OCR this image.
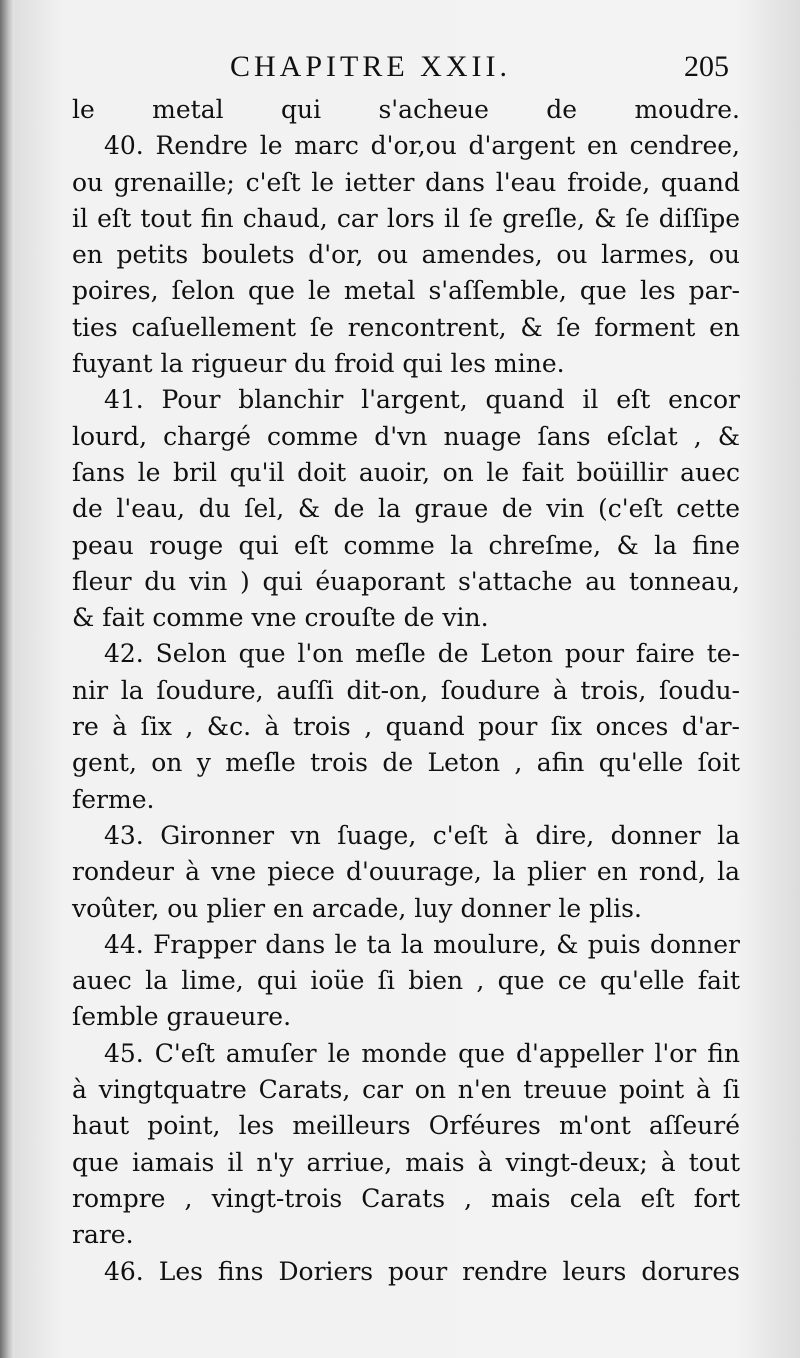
CHAPITRE XXII.	205
le metal qui s'acheue de moudre.
40. Rendre le marc d'or,ou d'argent en cendree,
ou grenaille; c'eſt le ietter dans l'eau froide, quand
il eſt tout fin chaud, car lors il ſe greſle, & ſe diſſipe
en petits boulets d'or, ou amendes, ou larmes, ou
poires, ſelon que le metal s'aſſemble, que les par-
ties caſuellement ſe rencontrent, & ſe forment en
fuyant la rigueur du froid qui les mine.
41. Pour blanchir l'argent, quand il eſt encor
lourd, chargé comme d'vn nuage ſans eſclat , &
ſans le bril qu'il doit auoir, on le fait boüillir auec
de l'eau, du ſel, & de la graue de vin (c'eſt cette
peau rouge qui eſt comme la chreſme, & la fine
fleur du vin ) qui éuaporant s'attache au tonneau,
& fait comme vne crouſte de vin.
42. Selon que l'on meſle de Leton pour faire te-
nir la ſoudure, auſſi dit-on, ſoudure à trois, ſoudu-
re à ſix , &c. à trois , quand pour ſix onces d'ar-
gent, on y meſle trois de Leton , afin qu'elle ſoit
ferme.
43. Gironner vn ſuage, c'eſt à dire, donner la
rondeur à vne piece d'ouurage, la plier en rond, la
voûter, ou plier en arcade, luy donner le plis.
44. Frapper dans le ta la moulure, & puis donner
auec la lime, qui ioüe ſi bien , que ce qu'elle fait
ſemble graueure.
45. C'eſt amuſer le monde que d'appeller l'or fin
à vingtquatre Carats, car on n'en treuue point à ſi
haut point, les meilleurs Orféures m'ont aſſeuré
que iamais il n'y arriue, mais à vingt-deux; à tout
rompre , vingt-trois Carats , mais cela eſt fort
rare.
46. Les fins Doriers pour rendre leurs dorures
